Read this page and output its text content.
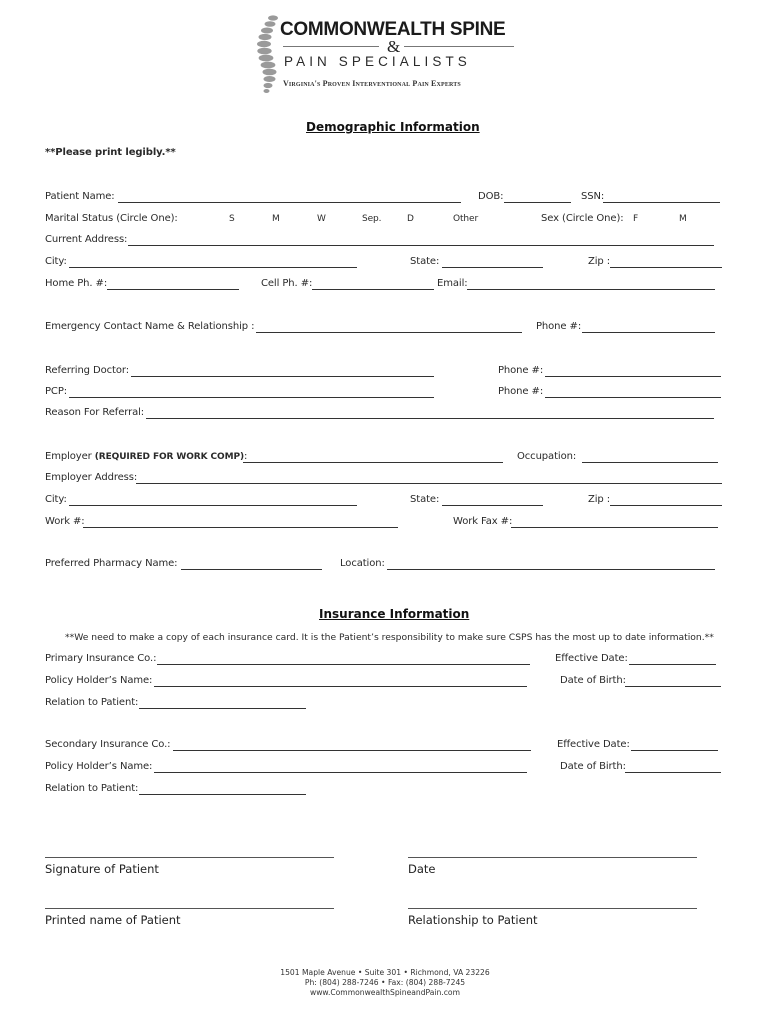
COMMONWEALTH SPINE
&
PAIN SPECIALISTS
Virginia's Proven Interventional Pain Experts
Demographic Information
**Please print legibly.**
Patient Name:	DOB:	SSN:
Marital Status (Circle One):	S	M	W	Sep.	D	Other	Sex (Circle One): F	M
Current Address:
City:	State:	Zip :
Home Ph. #:	Cell Ph. #:	Email:
Emergency Contact Name & Relationship :	Phone #:
Referring Doctor:	Phone #:
PCP:	Phone #:
Reason For Referral:
Employer (REQUIRED FOR WORK COMP):	Occupation:
Employer Address:
City:	State:	Zip :
Work #:	Work Fax #:
Preferred Pharmacy Name:	Location:
Insurance Information
**We need to make a copy of each insurance card. It is the Patient’s responsibility to make sure CSPS has the most up to date information.**
Primary Insurance Co.:	Effective Date:
Policy Holder’s Name:	Date of Birth:
Relation to Patient:
Secondary Insurance Co.:	Effective Date:
Policy Holder’s Name:	Date of Birth:
Relation to Patient:
Signature of Patient	Date
Printed name of Patient	Relationship to Patient
1501 Maple Avenue • Suite 301 • Richmond, VA 23226
Ph: (804) 288-7246 • Fax: (804) 288-7245
www.CommonwealthSpineandPain.com
